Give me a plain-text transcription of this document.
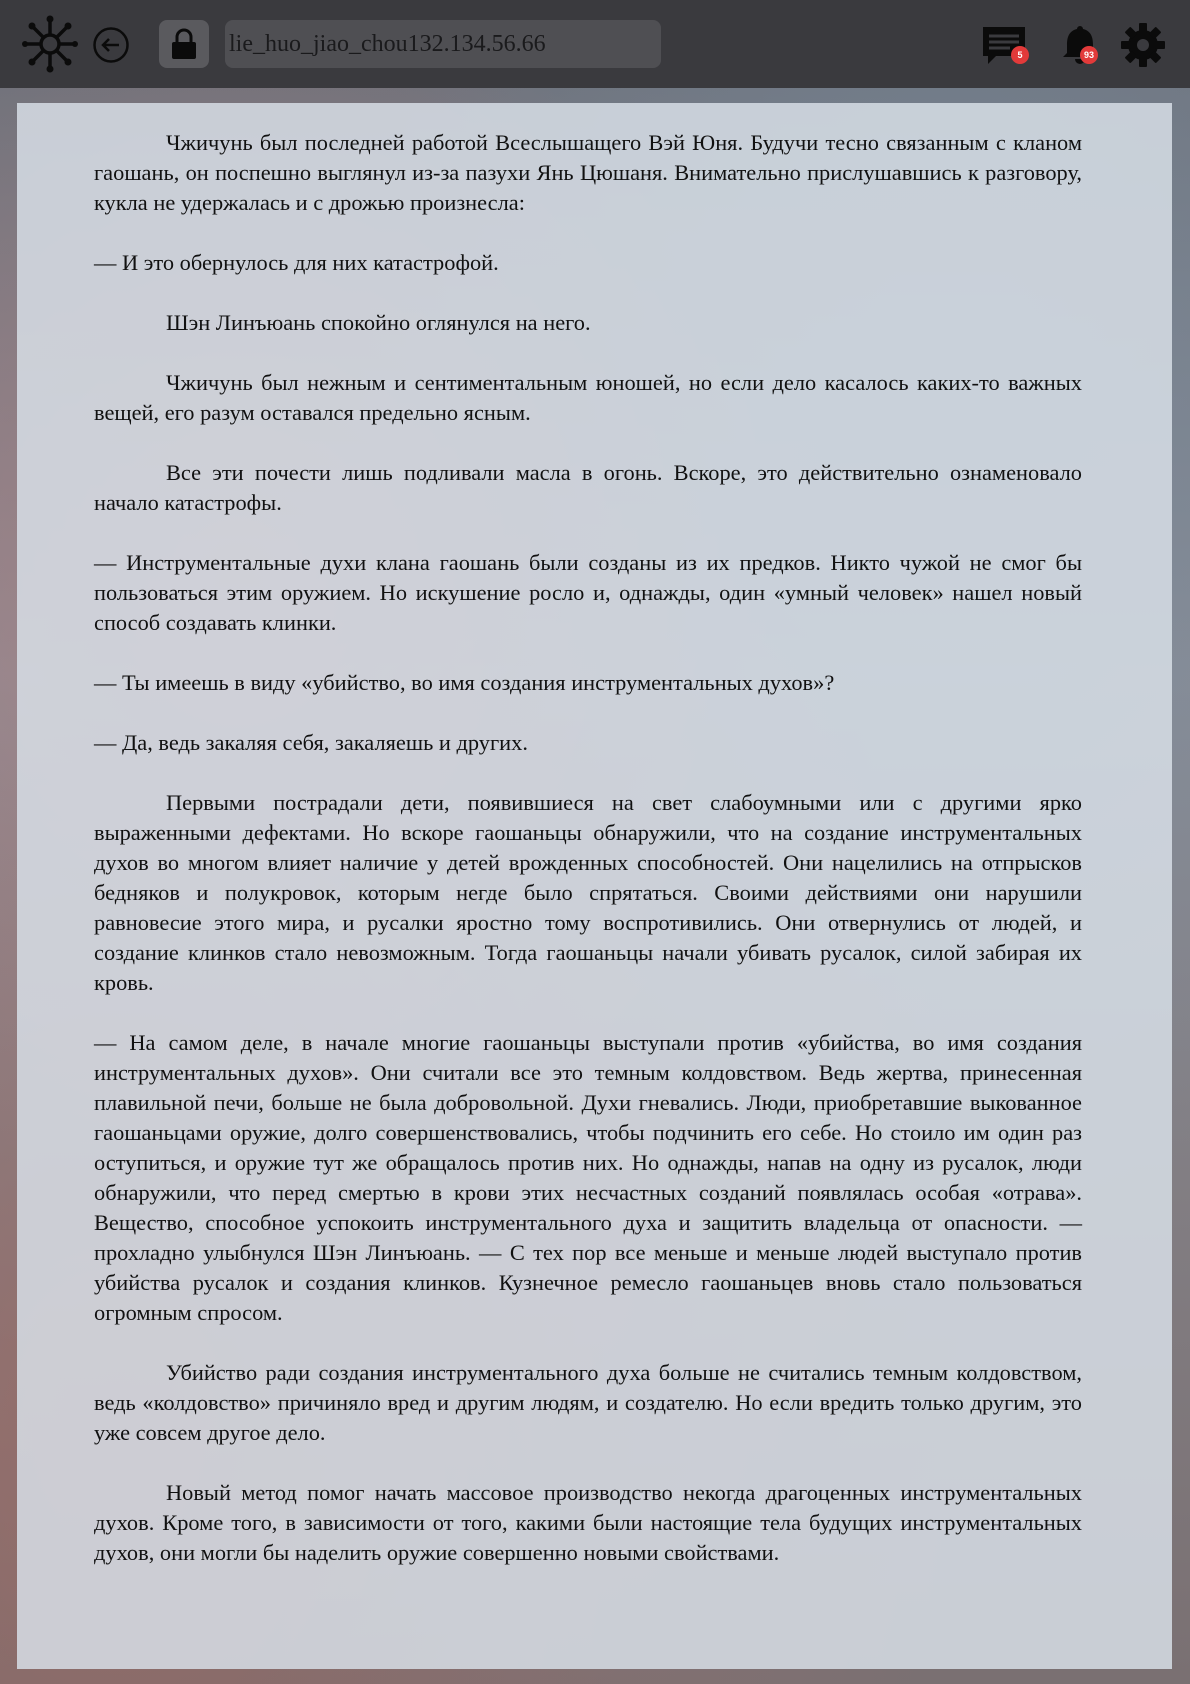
lie_huo_jiao_chou132.134.56.66	5	93

Чжичунь был последней работой Всеслышащего Вэй Юня. Будучи тесно связанным с кланом гаошань, он поспешно выглянул из-за пазухи Янь Цюшаня. Внимательно прислушавшись к разговору, кукла не удержалась и с дрожью произнесла:

— И это обернулось для них катастрофой.

Шэн Линъюань спокойно оглянулся на него.

Чжичунь был нежным и сентиментальным юношей, но если дело касалось каких-то важных вещей, его разум оставался предельно ясным.

Все эти почести лишь подливали масла в огонь. Вскоре, это действительно ознаменовало начало катастрофы.

— Инструментальные духи клана гаошань были созданы из их предков. Никто чужой не смог бы пользоваться этим оружием. Но искушение росло и, однажды, один «умный человек» нашел новый способ создавать клинки.

— Ты имеешь в виду «убийство, во имя создания инструментальных духов»?

— Да, ведь закаляя себя, закаляешь и других.

Первыми пострадали дети, появившиеся на свет слабоумными или с другими ярко выраженными дефектами. Но вскоре гаошаньцы обнаружили, что на создание инструментальных духов во многом влияет наличие у детей врожденных способностей. Они нацелились на отпрысков бедняков и полукровок, которым негде было спрятаться. Своими действиями они нарушили равновесие этого мира, и русалки яростно тому воспротивились. Они отвернулись от людей, и создание клинков стало невозможным. Тогда гаошаньцы начали убивать русалок, силой забирая их кровь.

— На самом деле, в начале многие гаошаньцы выступали против «убийства, во имя создания инструментальных духов». Они считали все это темным колдовством. Ведь жертва, принесенная плавильной печи, больше не была добровольной. Духи гневались. Люди, приобретавшие выкованное гаошаньцами оружие, долго совершенствовались, чтобы подчинить его себе. Но стоило им один раз оступиться, и оружие тут же обращалось против них. Но однажды, напав на одну из русалок, люди обнаружили, что перед смертью в крови этих несчастных созданий появлялась особая «отрава». Вещество, способное успокоить инструментального духа и защитить владельца от опасности. — прохладно улыбнулся Шэн Линъюань. — С тех пор все меньше и меньше людей выступало против убийства русалок и создания клинков. Кузнечное ремесло гаошаньцев вновь стало пользоваться огромным спросом.

Убийство ради создания инструментального духа больше не считались темным колдовством, ведь «колдовство» причиняло вред и другим людям, и создателю. Но если вредить только другим, это уже совсем другое дело.

Новый метод помог начать массовое производство некогда драгоценных инструментальных духов. Кроме того, в зависимости от того, какими были настоящие тела будущих инструментальных духов, они могли бы наделить оружие совершенно новыми свойствами.
